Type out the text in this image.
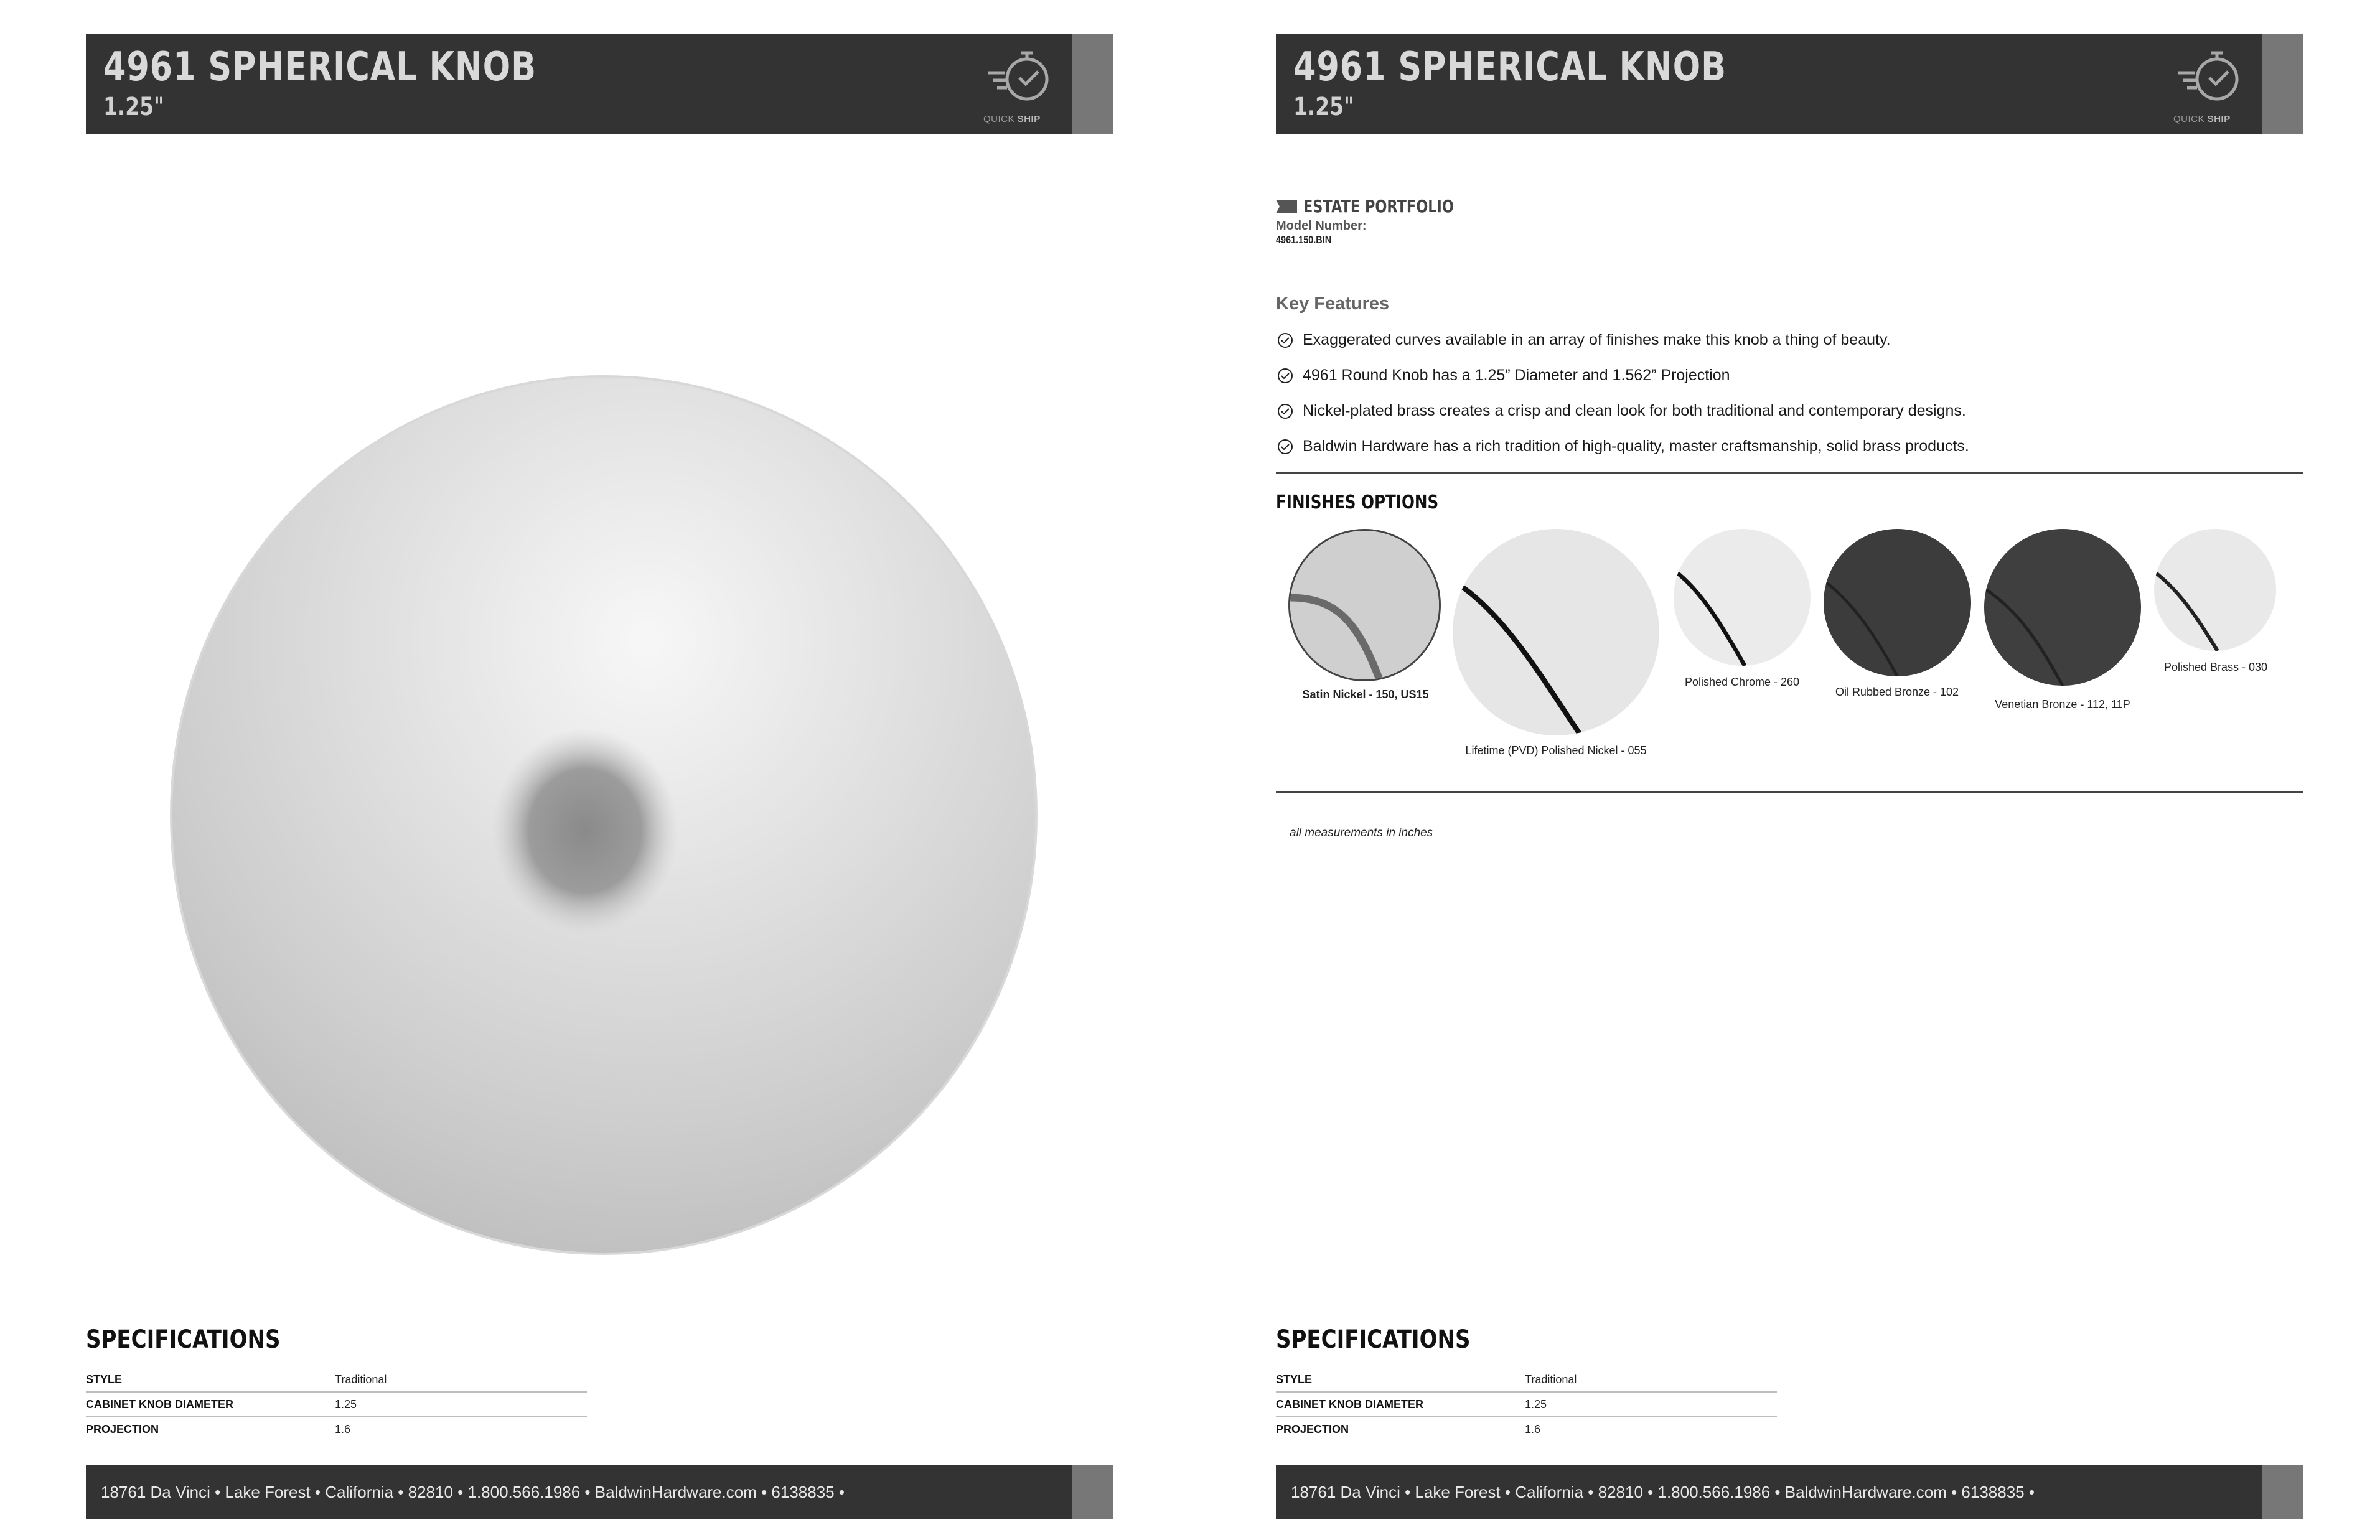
4961 SPHERICAL KNOB
1.25"	QUICK SHIP
SPECIFICATIONS
STYLE	Traditional
CABINET KNOB DIAMETER	1.25
PROJECTION	1.6
18761 Da Vinci • Lake Forest • California • 82810 • 1.800.566.1986 • BaldwinHardware.com • 6138835 •
4961 SPHERICAL KNOB
1.25"	QUICK SHIP
ESTATE PORTFOLIO
Model Number:
4961.150.BIN
Key Features
Exaggerated curves available in an array of finishes make this knob a thing of beauty.
4961 Round Knob has a 1.25” Diameter and 1.562” Projection
Nickel-plated brass creates a crisp and clean look for both traditional and contemporary designs.
Baldwin Hardware has a rich tradition of high-quality, master craftsmanship, solid brass products.
FINISHES OPTIONS
Satin Nickel - 150, US15
Lifetime (PVD) Polished Nickel - 055
Polished Chrome - 260
Oil Rubbed Bronze - 102
Venetian Bronze - 112, 11P
Polished Brass - 030
all measurements in inches
SPECIFICATIONS
STYLE	Traditional
CABINET KNOB DIAMETER	1.25
PROJECTION	1.6
18761 Da Vinci • Lake Forest • California • 82810 • 1.800.566.1986 • BaldwinHardware.com • 6138835 •
